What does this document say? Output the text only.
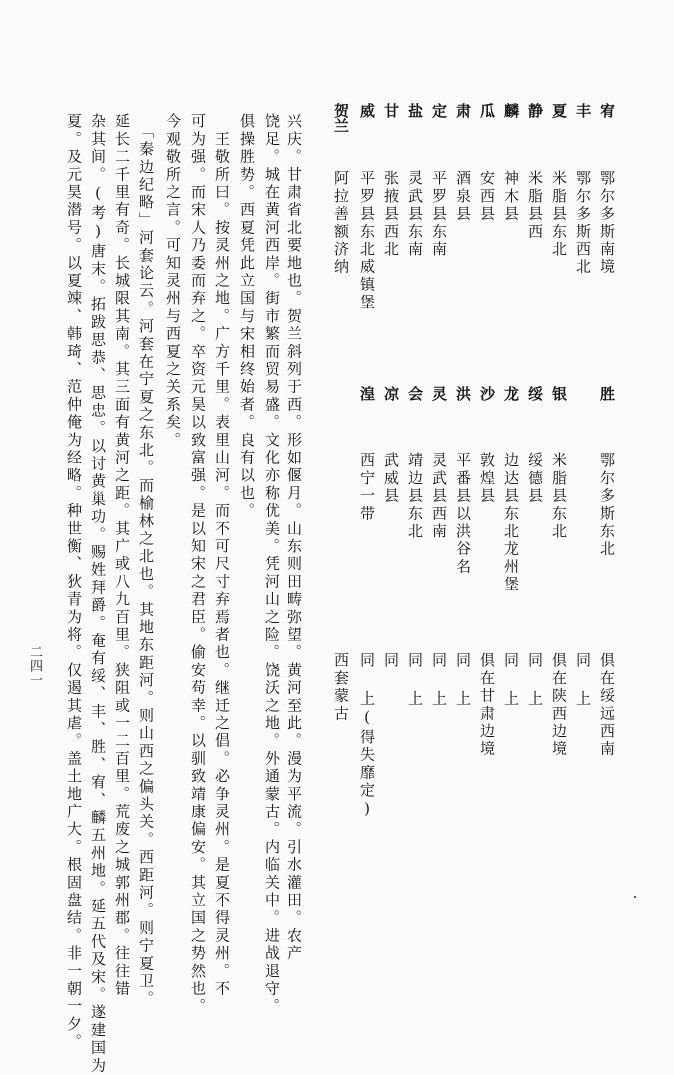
宥
鄂尔多斯南境
胜
鄂尔多斯东北
俱在绥远西南
丰
鄂尔多斯西北
同 上
夏
米脂县东北
银
米脂县东北
俱在陕西边境
静
米脂县西
绥
绥德县
同 上
麟
神木县
龙
边达县东北龙州堡
同 上
瓜
安西县
沙
敦煌县
俱在甘肃边境
肃
酒泉县
洪
平番县以洪谷名
同 上
定
平罗县东南
灵
灵武县西南
同 上
盐
灵武县东南
会
靖边县东北
同 上
甘
张掖县西北
凉
武威县
同
威
平罗县东北威镇堡
湟
西宁一带
同 上(得失靡定)
贺兰
阿拉善额济纳
西套蒙古
兴庆。甘肃省北要地也。贺兰斜列于西。形如偃月。山东则田畴弥望。黄河至此。漫为平流。引水灌田。农产
饶足。城在黄河西岸。街市繁而贸易盛。文化亦称优美。凭河山之险。饶沃之地。外通蒙古。内临关中。进战退守。
俱操胜势。西夏凭此立国与宋相终始者。良有以也。
　王敬所曰。按灵州之地。广方千里。表里山河。而不可尺寸弃焉者也。继迁之倡。必争灵州。是夏不得灵州。不
可为强。而宋人乃委而弃之。卒资元昊以致富强。是以知宋之君臣。偷安苟幸。以驯致靖康偏安。其立国之势然也。
今观敬所之言。可知灵州与西夏之关系矣。
　「秦边纪略」河套论云。河套在宁夏之东北。而榆林之北也。其地东距河。则山西之偏头关。西距河。则宁夏卫。
延长二千里有奇。长城限其南。其三面有黄河之距。其广或八九百里。狭阻或一二百里。荒废之城郭州郡。往往错
杂其间。(考)唐末。拓跋思恭、思忠。以讨黄巢功。赐姓拜爵。奄有绥、丰、胜、宥、麟五州地。延五代及宋。遂建国为
夏。及元昊潜号。以夏竦、韩琦、范仲俺为经略。种世衡、狄青为将。仅遏其虐。盖土地广大。根固盘结。非一朝一夕。
二四一
